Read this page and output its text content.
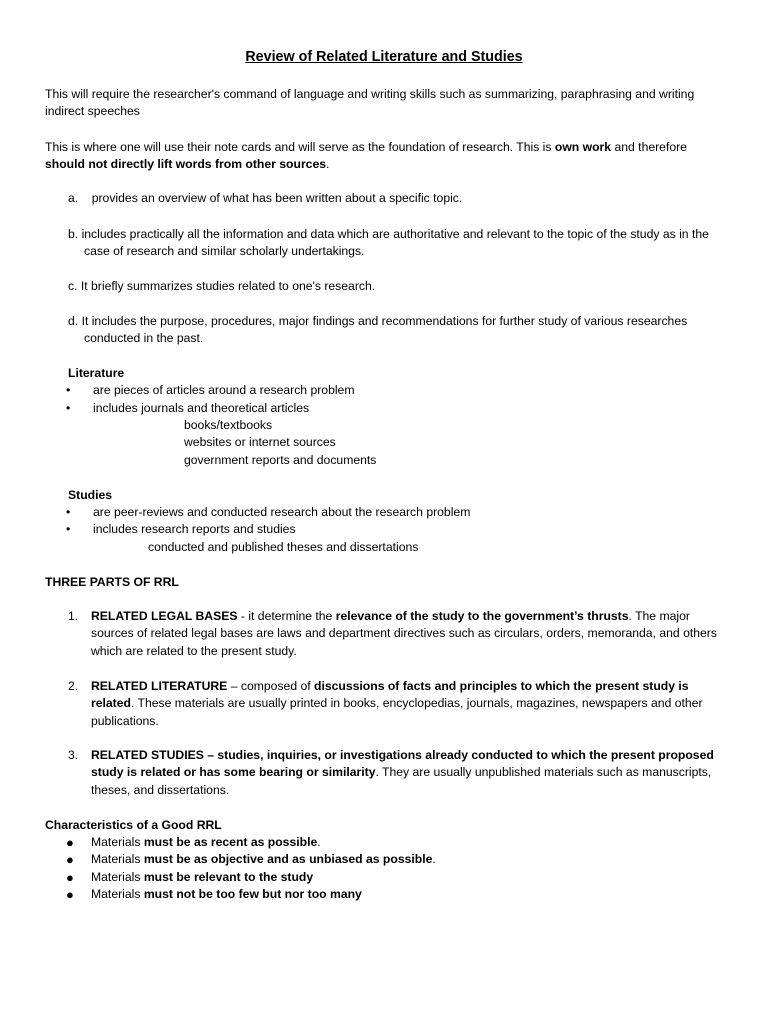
Review of Related Literature and Studies

This will require the researcher's command of language and writing skills such as summarizing, paraphrasing and writing indirect speeches

This is where one will use their note cards and will serve as the foundation of research. This is own work and therefore should not directly lift words from other sources.

a. provides an overview of what has been written about a specific topic.

b. includes practically all the information and data which are authoritative and relevant to the topic of the study as in the case of research and similar scholarly undertakings.

c. It briefly summarizes studies related to one's research.

d. It includes the purpose, procedures, major findings and recommendations for further study of various researches conducted in the past.

Literature
• are pieces of articles around a research problem
• includes journals and theoretical articles
books/textbooks
websites or internet sources
government reports and documents
Studies
• are peer-reviews and conducted research about the research problem
• includes research reports and studies
conducted and published theses and dissertations
THREE PARTS OF RRL
1. RELATED LEGAL BASES - it determine the relevance of the study to the government’s thrusts. The major sources of related legal bases are laws and department directives such as circulars, orders, memoranda, and others which are related to the present study.

2. RELATED LITERATURE – composed of discussions of facts and principles to which the present study is related. These materials are usually printed in books, encyclopedias, journals, magazines, newspapers and other publications.

3. RELATED STUDIES – studies, inquiries, or investigations already conducted to which the present proposed study is related or has some bearing or similarity. They are usually unpublished materials such as manuscripts, theses, and dissertations.

Characteristics of a Good RRL
● Materials must be as recent as possible.
● Materials must be as objective and as unbiased as possible.
● Materials must be relevant to the study
● Materials must not be too few but nor too many
